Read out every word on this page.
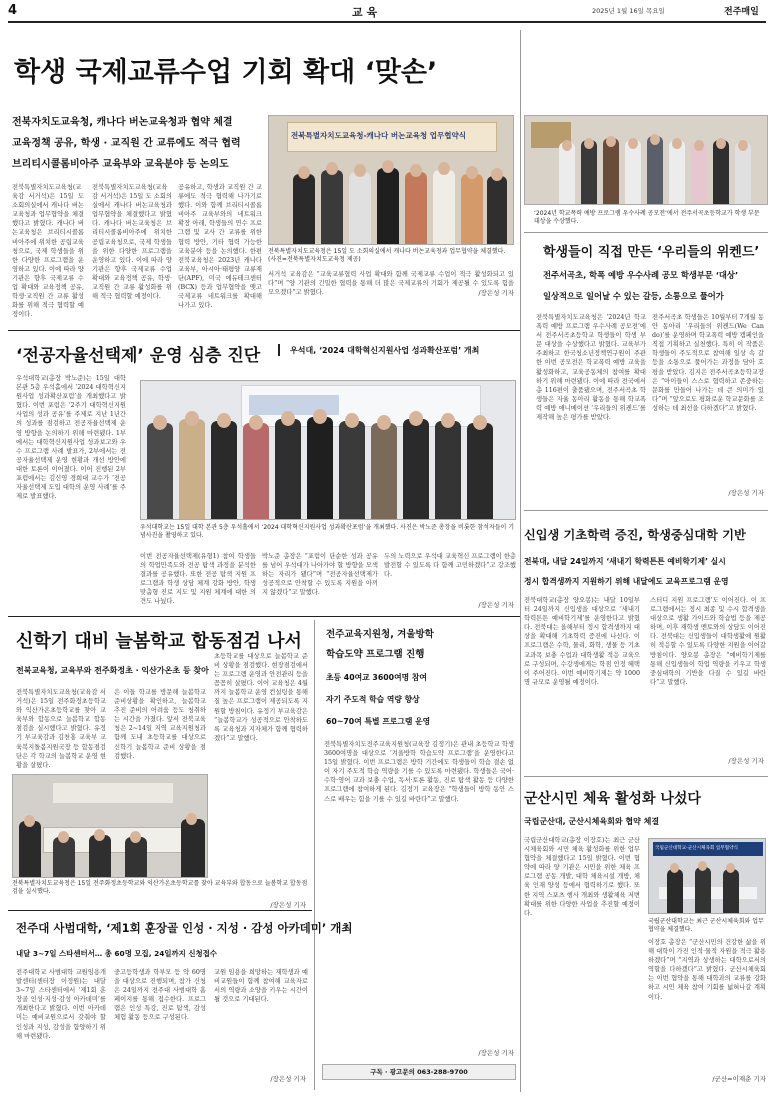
4	교 육	2025년 1월 16일 목요일	전주매일
학생 국제교류수업 기회 확대 ‘맞손’
전북자치도교육청, 캐나다 버논교육청과 협약 체결
교육정책 공유, 학생 · 교직원 간 교류에도 적극 협력
브리티시콜롬비아주 교육부와 교육분야 등 논의도
전북특별자치도교육청-캐나다 버논교육청 업무협약식
전북특별자치도교육청은 15일 도 소회의실에서 캐나다 버논교육청과 업무협약을 체결했다. (사진=전북특별자치도교육청 제공)
전북특별자치도교육청(교육감 서거석)은 15일 도 소회의실에서 캐나다 버논교육청과 업무협약을 체결했다고 밝혔다. 캐나다 버논교육청은 브리티시콜롬비아주에 위치한 공립교육청으로, 국제 학생들을 위한 다양한 프로그램을 운영하고 있다. 이에 따라 양 기관은 향후 국제교류 수업 확대와 교육정책 공유, 학생·교직원 간 교류 활성화를 위해 적극 협력할 예정이다.
공유하고, 학생과 교직원 간 교류에도 적극 협력해 나가기로 했다. 이와 함께 브리티시콜롬비아주 교육부와의 네트워크 확장 아래, 학생들의 연수 프로그램 및 교사 간 교류를 위한 협력 방안, 기타 협력 가능한 교육분야 등을 논의했다. 한편 전북교육청은 2023년 캐나다 교육부, 아시아·태평양 교류재단(APF), 미국 에듀테크센터(BCX) 등과 업무협약을 맺고 국제교류 네트워크를 확대해 나가고 있다.
전북특별자치도교육청(교육감 서거석)은 15일 도 소회의실에서 캐나다 버논교육청과 업무협약을 체결했다고 밝혔다. 캐나다 버논교육청은 브리티시콜롬비아주에 위치한 공립교육청으로, 국제 학생들을 위한 다양한 프로그램을 운영하고 있다. 이에 따라 양 기관은 향후 국제교류 수업 확대와 교육정책 공유, 학생·교직원 간 교류 활성화를 위해 적극 협력할 예정이다.
서거석 교육감은 “교육교류협력 사업 확대와 함께 국제교류 수업이 적극 활성화되고 있다”며 “양 기관의 긴밀한 협력을 통해 더 많은 국제교류의 기회가 제공될 수 있도록 힘을 모으겠다”고 밝혔다.	/장은성 기자
‘2024년 학교폭력 예방 프로그램 우수사례 공모전’에서 전주서곡초등학교가 학생 부문 대상을 수상했다.
학생들이 직접 만든 ‘우리들의 위켄드’
전주서곡초, 학폭 예방 우수사례 공모 학생부문 ‘대상’
일상적으로 일어날 수 있는 갈등, 소통으로 풀어가
전북특별자치도교육청은 ‘2024년 학교폭력 예방 프로그램 우수사례 공모전’에서 전주서곡초등학교 학생들이 학생 부문 대상을 수상했다고 밝혔다. 교육부가 주최하고 한국청소년정책연구원이 주관한 이번 공모전은 학교폭력 예방 교육을 활성화하고, 교육공동체의 참여를 확대하기 위해 마련됐다. 이에 따라 전국에서 총 116편이 출품됐으며, 전주서곡초 학생들은 자율 동아리 활동을 통해 학교폭력 예방 애니메이션 ‘우리들의 위켄드’를 제작해 높은 평가를 받았다.
전주서곡초 학생들은 10월부터 7개월 동안 동아리 ‘우리들의 위켄드(We Can do)’를 운영하며 학교폭력 예방 캠페인을 직접 기획하고 실천했다. 특히 이 작품은 학생들이 주도적으로 참여해 일상 속 갈등을 소통으로 풀어가는 과정을 담아 호평을 받았다. 김지은 전주서곡초등학교장은 “아이들이 스스로 협력하고 존중하는 문화를 만들어 나가는 데 큰 의미가 있다”며 “앞으로도 평화로운 학교문화를 조성하는 데 최선을 다하겠다”고 밝혔다.
/장은성 기자
‘전공자율선택제’ 운영 심층 진단	우석대, ‘2024 대학혁신지원사업 성과확산포럼’ 개최
우석대학교(총장 박노준)는 15일 대학 본관 5층 우석홀에서 ‘2024 대학혁신지원사업 성과확산포럼’을 개최했다고 밝혔다. 이번 포럼은 ‘2주기 대학혁신지원사업의 성과 공유’를 주제로 지난 1년간의 성과를 점검하고 전공자율선택제 운영 방향을 논의하기 위해 마련됐다. 1부에서는 대학혁신지원사업 성과보고와 우수 프로그램 사례 발표가, 2부에서는 전공자율선택제 운영 현황과 개선 방안에 대한 토론이 이어졌다. 이어 진행된 2부 포럼에서는 김신영 경희대 교수가 ‘전공자율선택제 도입 대학의 운영 사례’를 주제로 발표했다.
우석대학교는 15일 대학 본관 5층 우석홀에서 ‘2024 대학혁신지원사업 성과확산포럼’을 개최했다. 사진은 박노준 총장을 비롯한 참석자들이 기념사진을 촬영하고 있다.
이번 전공자율선택제(유형1) 참여 학생들의 학업만족도와 전공 탐색 과정을 분석한 결과를 공유했다. 또한 전공 탐색 지원 프로그램과 학생 상담 체계 강화 방안, 학생 맞춤형 진로 지도 및 지원 체계에 대한 의견도 나눴다.
박노준 총장은 “포럼이 단순한 성과 공유를 넘어 우석대가 나아가야 할 방향을 모색하는 자리가 됐다”며 “전공자율선택제가 성공적으로 안착할 수 있도록 지원을 아끼지 않겠다”고 말했다.
두의 노력으로 우석대 교육혁신 프로그램이 한층 발전할 수 있도록 다 함께 고민하겠다”고 강조했다.
/장은성 기자
신입생 기초학력 증진, 학생중심대학 기반
전북대, 내달 24일까지 ‘새내기 학력튼튼 예비학기제’ 실시
정시 합격생까지 지원하기 위해 내달에도 교육프로그램 운영
전북대학교(총장 양오봉)는 내달 10일부터 24일까지 신입생을 대상으로 ‘새내기 학력튼튼 예비학기제’를 운영한다고 밝혔다. 전북대는 올해부터 정시 합격생까지 대상을 확대해 기초학력 증진에 나선다. 이 프로그램은 수학, 물리, 화학, 생물 등 기초 교과목 보충 수업과 대학생활 적응 교육으로 구성되며, 수강생에게는 학점 인정 혜택이 주어진다. 이번 예비학기제는 약 1000명 규모로 운영될 예정이다.
스터디 지원 프로그램’도 이어진다. 이 프로그램에서는 정시 최종 및 수시 합격생을 대상으로 생활 가이드와 학습법 등을 제공하며, 이후 재학생 멘토와의 상담도 이어진다. 전북대는 신입생들이 대학생활에 원활히 적응할 수 있도록 다양한 지원을 이어갈 방침이다. 양오봉 총장은 “예비학기제를 통해 신입생들이 학업 역량을 키우고 학생중심대학의 기반을 다질 수 있길 바란다”고 말했다.
/장은성 기자
신학기 대비 늘봄학교 합동점검 나서
전북교육청, 교육부와 전주화정초 · 익산가온초 등 찾아
전북특별자치도교육청(교육감 서거석)은 15일 전주화정초등학교와 익산가온초등학교를 찾아 교육부와 합동으로 늘봄학교 합동점검을 실시했다고 밝혔다. 유정기 부교육감과 김천홍 교육부 교육복지돌봄지원국장 등 합동점검단은 각 학교의 늘봄학교 운영 현황을 살폈다.
은 이들 학교를 방문해 늘봄학교 준비상황을 확인하고, 늘봄학교 추진 준비의 어려움 등도 청취하는 시간을 가졌다. 앞서 전북교육청은 2~14일 지역 교육지원청과 함께 도내 초등학교를 대상으로 신학기 늘봄학교 준비 상황을 점검했다.
초등학교를 대상으로 늘봄학교 준비 상황을 점검했다. 현장점검에서는 프로그램 운영과 안전관리 등을 꼼꼼히 살폈다. 이어 교육청은 4월까지 늘봄학교 운영 컨설팅을 통해 질 높은 프로그램이 제공되도록 지원할 방침이다. 유정기 부교육감은 “늘봄학교가 성공적으로 안착하도록 교육청과 지자체가 함께 협력하겠다”고 말했다.
전북특별자치도교육청은 15일 전주화정초등학교와 익산가온초등학교를 찾아 교육부와 합동으로 늘봄학교 합동점검을 실시했다.
/장은성 기자
전주교육지원청, 겨울방학
학습도약 프로그램 진행
초등 40여교 3600여명 참여
자기 주도적 학습 역량 향상
60~70여 특별 프로그램 운영
전북특별자치도전주교육지원청(교육장 김정기)은 관내 초등학교 학생 3600여명을 대상으로 ‘겨울방학 학습도약 프로그램’을 운영한다고 15일 밝혔다. 이번 프로그램은 방학 기간에도 학생들이 학습 결손 없이 자기 주도적 학습 역량을 기를 수 있도록 마련됐다. 학생들은 국어·수학·영어 교과 보충 수업, 독서·토론 활동, 진로 탐색 활동 등 다양한 프로그램에 참여하게 된다. 김정기 교육장은 “학생들이 방학 동안 스스로 배우는 힘을 기를 수 있길 바란다”고 말했다.
/장은성 기자
구독 · 광고문의 063-288-9700
전주대 사범대학, ‘제1회 훈장골 인성 · 지성 · 감성 아카데미’ 개최
내달 3~7일 스타센터서… 총 60명 모집, 24일까지 신청접수
전주대학교 사범대학 교원임용개발센터(센터장 이정원)는 내달 3~7일 스타센터에서 ‘제1회 훈장골 인성·지성·감성 아카데미’를 개최한다고 밝혔다. 이번 아카데미는 예비교원으로서 갖춰야 할 인성과 지성, 감성을 함양하기 위해 마련됐다.
중고등학생과 학부모 등 약 60명을 대상으로 진행되며, 참가 신청은 24일까지 전주대 사범대학 홈페이지를 통해 접수한다. 프로그램은 인성 특강, 진로 탐색, 감성 체험 활동 등으로 구성된다.
교원 임용을 희망하는 재학생과 예비교원들이 함께 참여해 교육자로서의 역량과 소양을 키우는 시간이 될 것으로 기대된다.
/장은성 기자
군산시민 체육 활성화 나섰다
국립군산대, 군산시체육회와 협약 체결
국립군산대학교(총장 이장호)는 최근 군산시체육회와 시민 체육 활성화를 위한 업무협약을 체결했다고 15일 밝혔다. 이번 협약에 따라 양 기관은 시민을 위한 체육 프로그램 공동 개발, 대학 체육시설 개방, 체육 인재 양성 등에서 협력하기로 했다. 또한 지역 스포츠 행사 개최와 생활체육 저변 확대를 위한 다양한 사업을 추진할 예정이다.
국립군산대학교-군산시체육회 업무협약식
국립군산대학교는 최근 군산시체육회와 업무협약을 체결했다.
이장호 총장은 “군산시민의 건강한 삶을 위해 대학이 가진 인적·물적 자원을 적극 활용하겠다”며 “지역과 상생하는 대학으로서의 역할을 다하겠다”고 밝혔다. 군산시체육회는 이번 협약을 통해 대학과의 교류를 강화하고 시민 체육 참여 기회를 넓혀나갈 계획이다.
/군산=이재춘 기자
